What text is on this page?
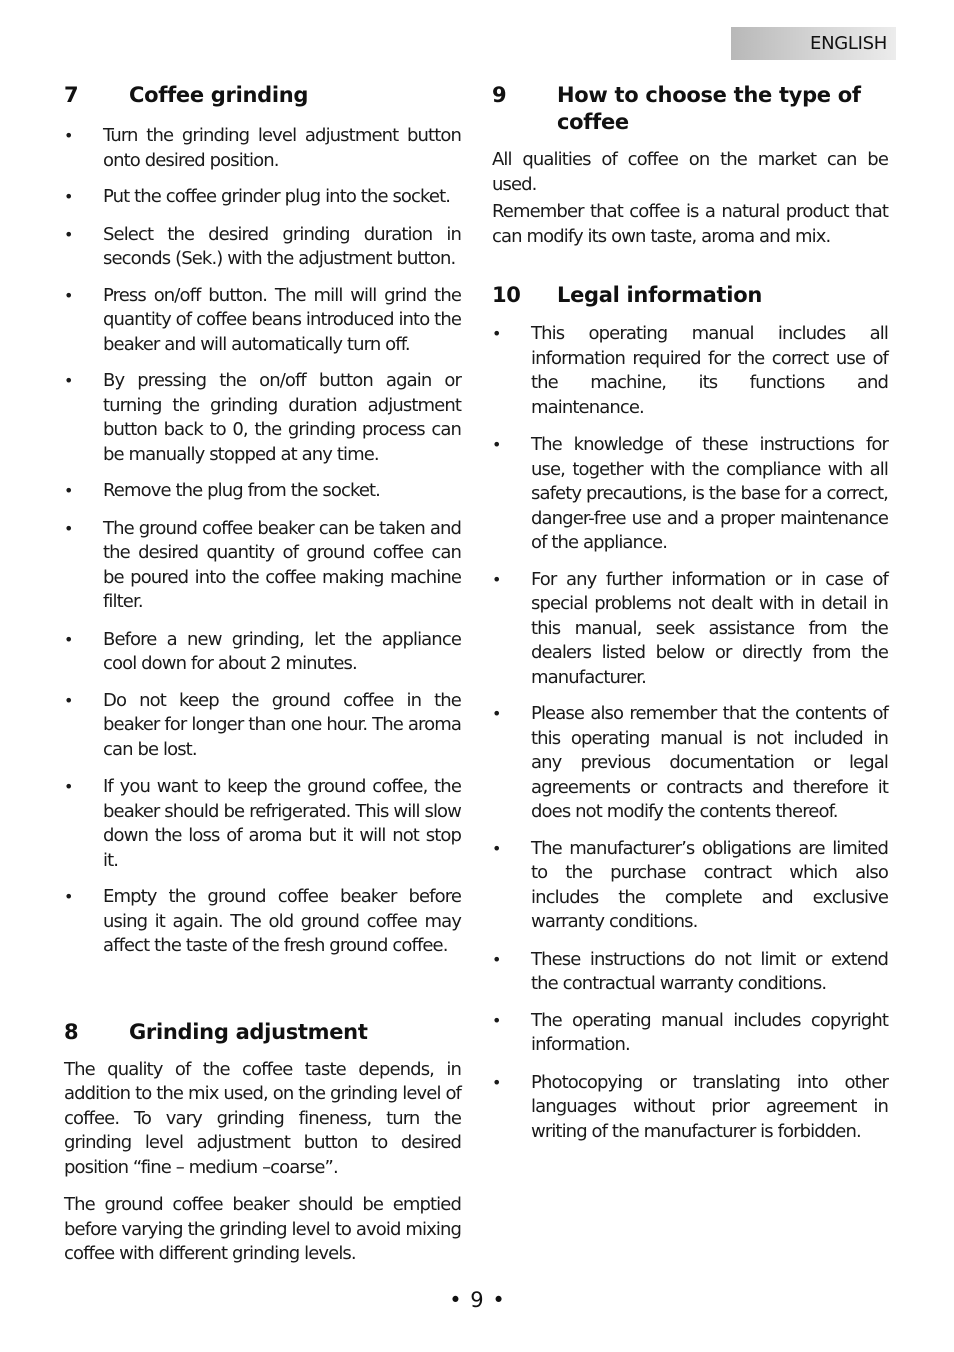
ENGLISH
7	Coffee grinding
• Turn the grinding level adjustment button onto desired position.
• Put the coffee grinder plug into the socket.
• Select the desired grinding duration in seconds (Sek.) with the adjustment button.
• Press on/off button. The mill will grind the quantity of coffee beans introduced into the beaker and will automatically turn off.
• By pressing the on/off button again or turning the grinding duration adjustment button back to 0, the grinding process can be manually stopped at any time.
• Remove the plug from the socket.
• The ground coffee beaker can be taken and the desired quantity of ground coffee can be poured into the coffee making machine filter.
• Before a new grinding, let the appliance cool down for about 2 minutes.
• Do not keep the ground coffee in the beaker for longer than one hour. The aroma can be lost.
• If you want to keep the ground coffee, the beaker should be refrigerated. This will slow down the loss of aroma but it will not stop it.
• Empty the ground coffee beaker before using it again. The old ground coffee may affect the taste of the fresh ground coffee.
8	Grinding adjustment

The quality of the coffee taste depends, in addition to the mix used, on the grinding level of coffee. To vary grinding fineness, turn the grinding level adjustment button to desired position “fine – medium –coarse”.

The ground coffee beaker should be emptied before varying the grinding level to avoid mixing coffee with different grinding levels.

9	How to choose the type of coffee

All qualities of coffee on the market can be used.

Remember that coffee is a natural product that can modify its own taste, aroma and mix.

10	Legal information
• This operating manual includes all information required for the correct use of the machine, its functions and maintenance.
• The knowledge of these instructions for use, together with the compliance with all safety precautions, is the base for a correct, danger-free use and a proper maintenance of the appliance.
• For any further information or in case of special problems not dealt with in detail in this manual, seek assistance from the dealers listed below or directly from the manufacturer.
• Please also remember that the contents of this operating manual is not included in any previous documentation or legal agreements or contracts and therefore it does not modify the contents thereof.
• The manufacturer’s obligations are limited to the purchase contract which also includes the complete and exclusive warranty conditions.
• These instructions do not limit or extend the contractual warranty conditions.
• The operating manual includes copyright information.
• Photocopying or translating into other languages without prior agreement in writing of the manufacturer is forbidden.
• 9 •
